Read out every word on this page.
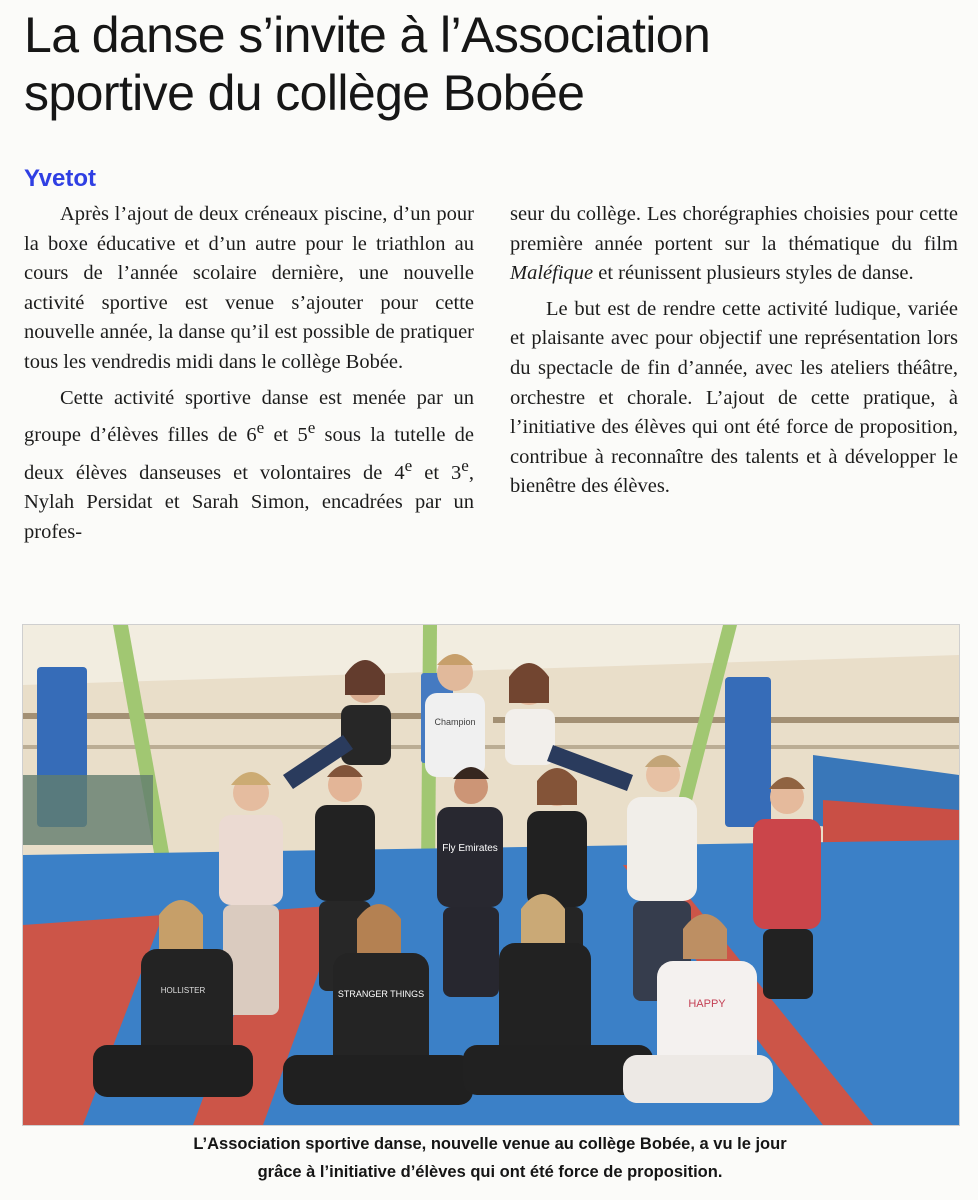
La danse s’invite à l’Association
sportive du collège Bobée
Yvetot

Après l’ajout de deux créneaux piscine, d’un pour la boxe éducative et d’un autre pour le triathlon au cours de l’année scolaire dernière, une nouvelle activité sportive est venue s’ajouter pour cette nouvelle année, la danse qu’il est possible de pratiquer tous les vendredis midi dans le collège Bobée.

Cette activité sportive danse est menée par un groupe d’élèves filles de 6e et 5e sous la tutelle de deux élèves danseuses et volontaires de 4e et 3e, Nylah Persidat et Sarah Simon, encadrées par un profes-

seur du collège. Les chorégraphies choisies pour cette première année portent sur la thématique du film Maléfique et réunissent plusieurs styles de danse.

Le but est de rendre cette activité ludique, variée et plaisante avec pour objectif une représentation lors du spectacle de fin d’année, avec les ateliers théâtre, orchestre et chorale. L’ajout de cette pratique, à l’initiative des élèves qui ont été force de proposition, contribue à reconnaître des talents et à développer le bienêtre des élèves.

Champion
Fly Emirates
HOLLISTER	STRANGER THINGS
HAPPY
L’Association sportive danse, nouvelle venue au collège Bobée, a vu le jour
grâce à l’initiative d’élèves qui ont été force de proposition.
